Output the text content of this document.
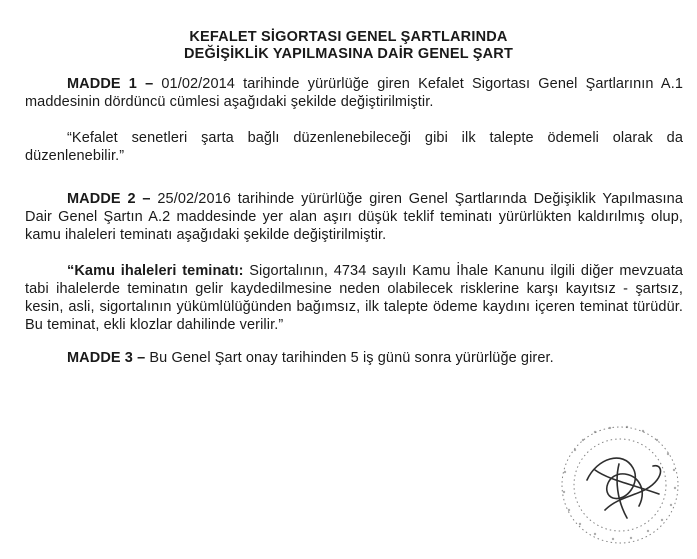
KEFALET SİGORTASI GENEL ŞARTLARINDA
DEĞİŞİKLİK YAPILMASINA DAİR GENEL ŞART
MADDE 1 – 01/02/2014 tarihinde yürürlüğe giren Kefalet Sigortası Genel Şartlarının A.1 maddesinin dördüncü cümlesi aşağıdaki şekilde değiştirilmiştir.
“Kefalet senetleri şarta bağlı düzenlenebileceği gibi ilk talepte ödemeli olarak da düzenlenebilir.”
MADDE 2 – 25/02/2016 tarihinde yürürlüğe giren Genel Şartlarında Değişiklik Yapılmasına Dair Genel Şartın A.2 maddesinde yer alan aşırı düşük teklif teminatı yürürlükten kaldırılmış olup, kamu ihaleleri teminatı aşağıdaki şekilde değiştirilmiştir.
“Kamu ihaleleri teminatı: Sigortalının, 4734 sayılı Kamu İhale Kanunu ilgili diğer mevzuata tabi ihalelerde teminatın gelir kaydedilmesine neden olabilecek risklerine karşı kayıtsız - şartsız, kesin, asli, sigortalının yükümlülüğünden bağımsız, ilk talepte ödeme kaydını içeren teminat türüdür. Bu teminat, ekli klozlar dahilinde verilir.”
MADDE 3 – Bu Genel Şart onay tarihinden 5 iş günü sonra yürürlüğe girer.
